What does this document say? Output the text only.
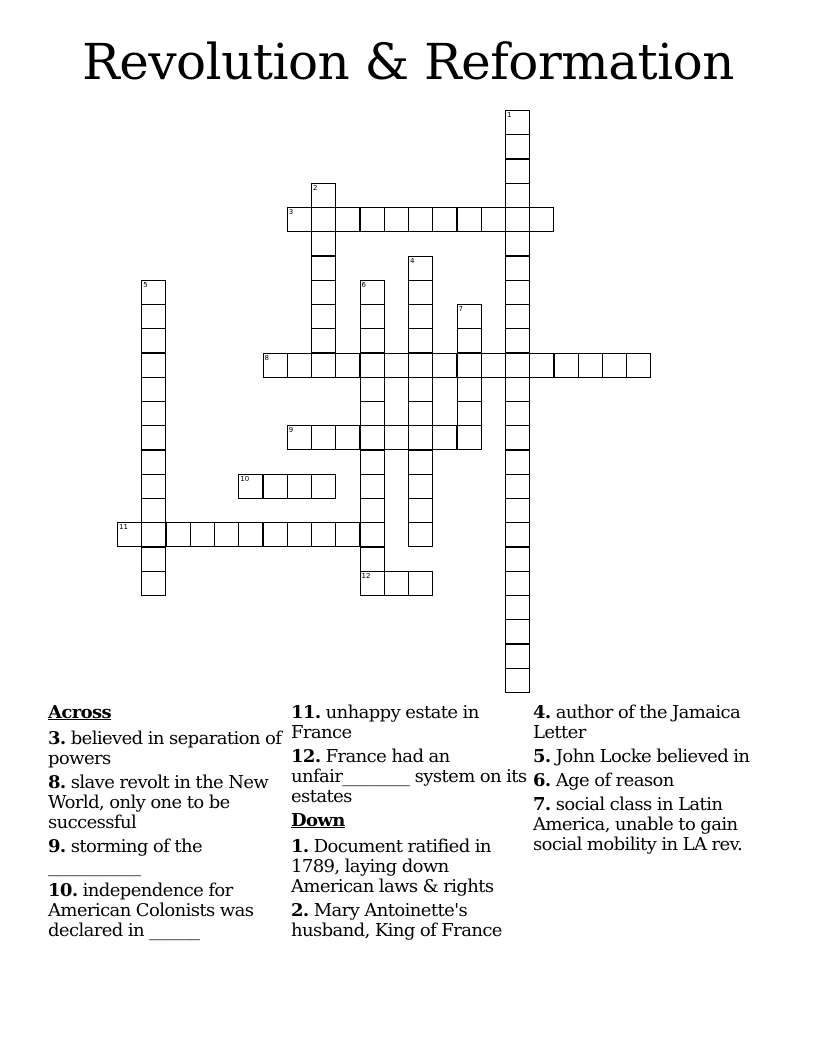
Revolution & Reformation
1
2
3
4
5	6
12
7
8
9
10
11
Across
3. believed in separation of powers
8. slave revolt in the New World, only one to be successful
9. storming of the ___________
10. independence for American Colonists was declared in ______
11. unhappy estate in France
12. France had an unfair________ system on its estates
Down
1. Document ratified in 1789, laying down American laws & rights
2. Mary Antoinette's husband, King of France
4. author of the Jamaica Letter
5. John Locke believed in
6. Age of reason
7. social class in Latin America, unable to gain social mobility in LA rev.
